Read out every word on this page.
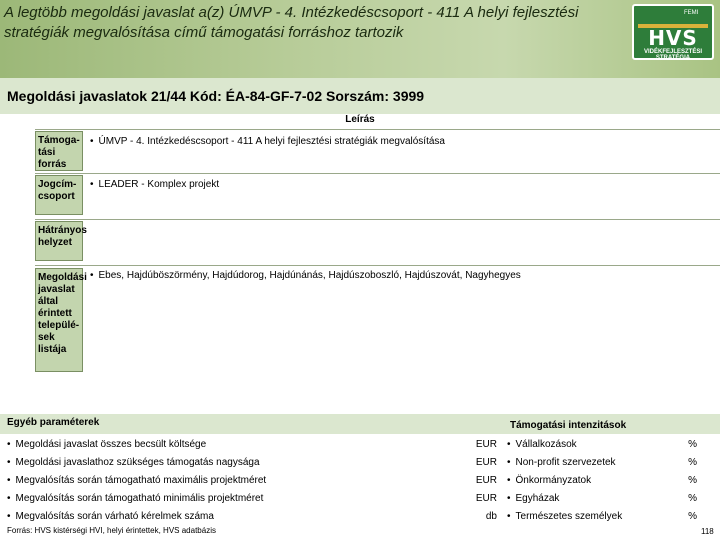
A legtöbb megoldási javaslat a(z) ÚMVP - 4. Intézkedéscsoport - 411 A helyi fejlesztési stratégiák megvalósítása című támogatási forráshoz tartozik
FEMI
HVS
VIDÉKFEJLESZTÉSI STRATÉGIA
Megoldási javaslatok 21/44 Kód: ÉA-84-GF-7-02 Sorszám: 3999
Leírás
Támoga-tási forrás
• ÚMVP - 4. Intézkedéscsoport - 411 A helyi fejlesztési stratégiák megvalósítása
Jogcím-csoport
• LEADER - Komplex projekt
Hátrányos helyzet
Megoldási javaslat által érintett települé-sek listája
• Ebes, Hajdúböszörmény, Hajdúdorog, Hajdúnánás, Hajdúszoboszló, Hajdúszovát, Nagyhegyes
Egyéb paraméterek	Támogatási intenzitások
• Megoldási javaslat összes becsült költsége	EUR
• Megoldási javaslathoz szükséges támogatás nagysága	EUR
• Megvalósítás során támogatható maximális projektméret	EUR
• Megvalósítás során támogatható minimális projektméret	EUR
• Megvalósítás során várható kérelmek száma	db
• Vállalkozások	%
• Non-profit szervezetek	%
• Önkormányzatok	%
• Egyházak	%
• Természetes személyek	%
Forrás: HVS kistérségi HVI, helyi érintettek, HVS adatbázis	118
